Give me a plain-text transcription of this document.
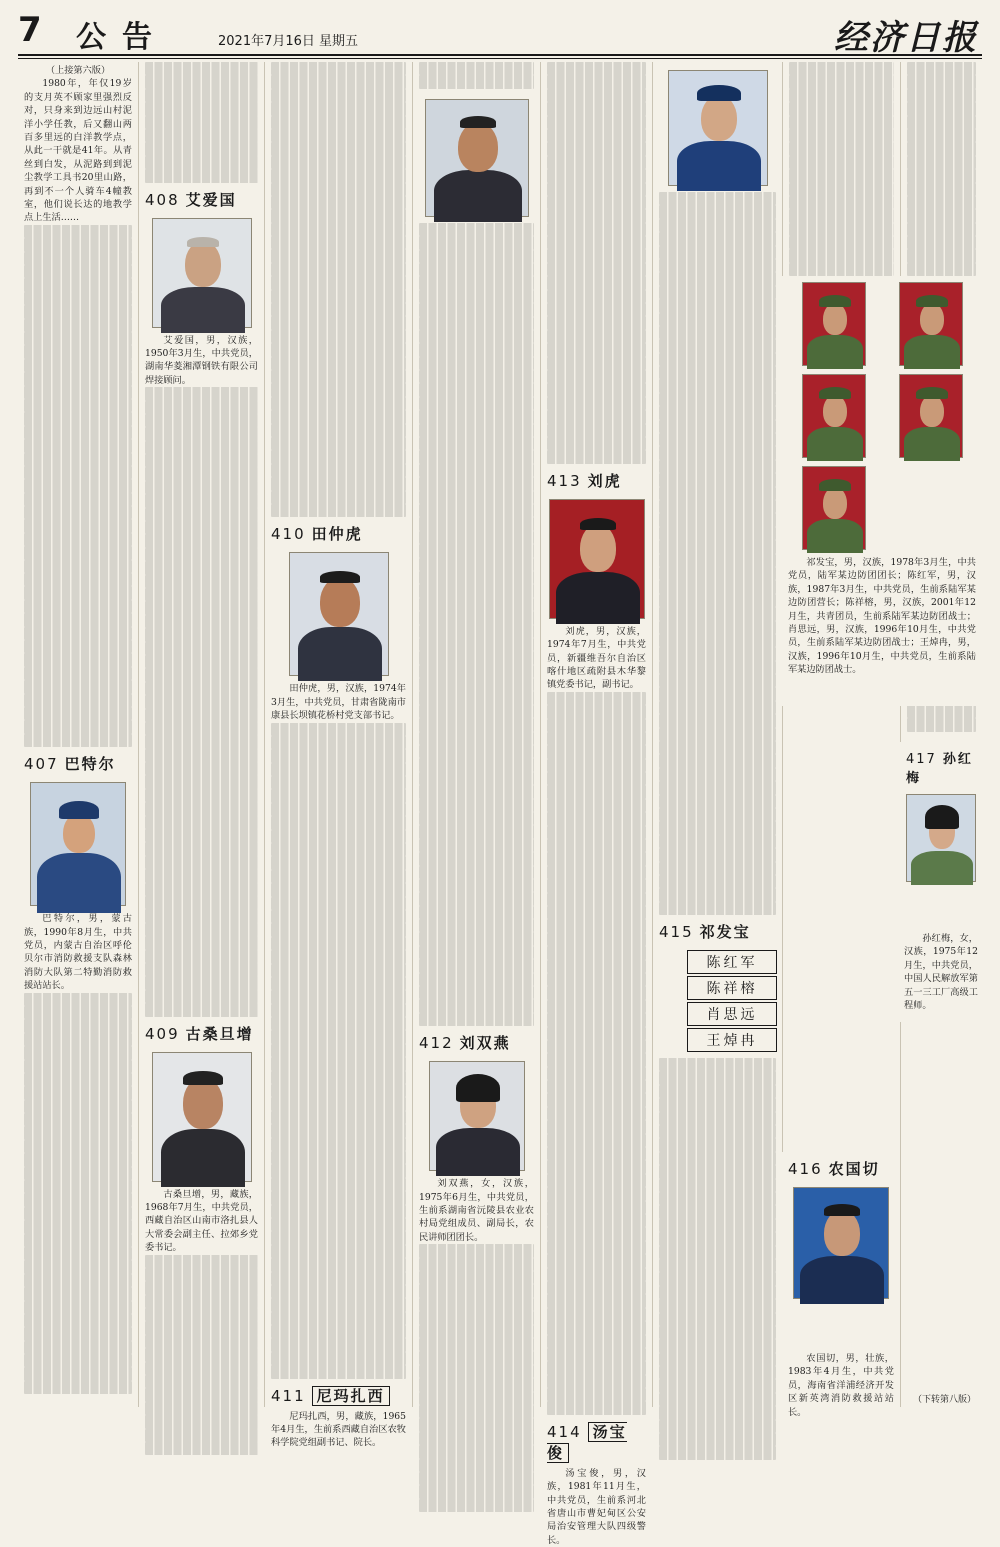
7 公告	2021年7月16日 星期五	经济日报
（上接第六版）
1980年，年仅19岁的支月英不顾家里强烈反对，只身来到边远山村泥洋小学任教，后又翻山两百多里远的白洋教学点，从此一干就是41年。从青丝到白发，从泥路到到泥尘教学工具书20里山路，再到不一个人骑车4幢教室，他们说长达的地教学点上生活……
407 巴特尔
巴特尔，男，蒙古族，1990年8月生，中共党员，内蒙古自治区呼伦贝尔市消防救援支队森林消防大队第二特勤消防救援站站长。
408 艾爱国
艾爱国，男，汉族，1950年3月生，中共党员，湖南华菱湘潭钢铁有限公司焊接顾问。
409 古桑旦增
古桑旦增，男，藏族，1968年7月生，中共党员，西藏自治区山南市洛扎县人大常委会副主任、拉郊乡党委书记。
410 田仲虎
田仲虎，男，汉族，1974年3月生，中共党员，甘肃省陇南市康县长坝镇花桥村党支部书记。
411 尼玛扎西
尼玛扎西，男，藏族，1965年4月生，生前系西藏自治区农牧科学院党组副书记、院长。
412 刘双燕
刘双燕，女，汉族，1975年6月生，中共党员，生前系湖南省沅陵县农业农村局党组成员、副局长，农民讲师团团长。
413 刘虎
刘虎，男，汉族，1974年7月生，中共党员，新疆维吾尔自治区喀什地区疏附县木华黎镇党委书记，副书记。
414 汤宝俊
汤宝俊，男，汉族，1981年11月生，中共党员，生前系河北省唐山市曹妃甸区公安局治安管理大队四级警长。
415 祁发宝
陈红军
陈祥榕
肖思远
王焯冉
祁发宝，男，汉族，1978年3月生，中共党员，陆军某边防团团长；陈红军，男，汉族，1987年3月生，中共党员，生前系陆军某边防团营长；陈祥榕，男，汉族，2001年12月生，共青团员，生前系陆军某边防团战士；肖思远，男，汉族，1996年10月生，中共党员，生前系陆军某边防团战士；王焯冉，男，汉族，1996年10月生，中共党员，生前系陆军某边防团战士。
417 孙红梅
孙红梅，女，汉族，1975年12月生，中共党员，中国人民解放军第五一三工厂高级工程师。
416 农国切
农国切，男，壮族，1983年4月生，中共党员，海南省洋浦经济开发区新英湾消防救援站站长。
（下转第八版）
